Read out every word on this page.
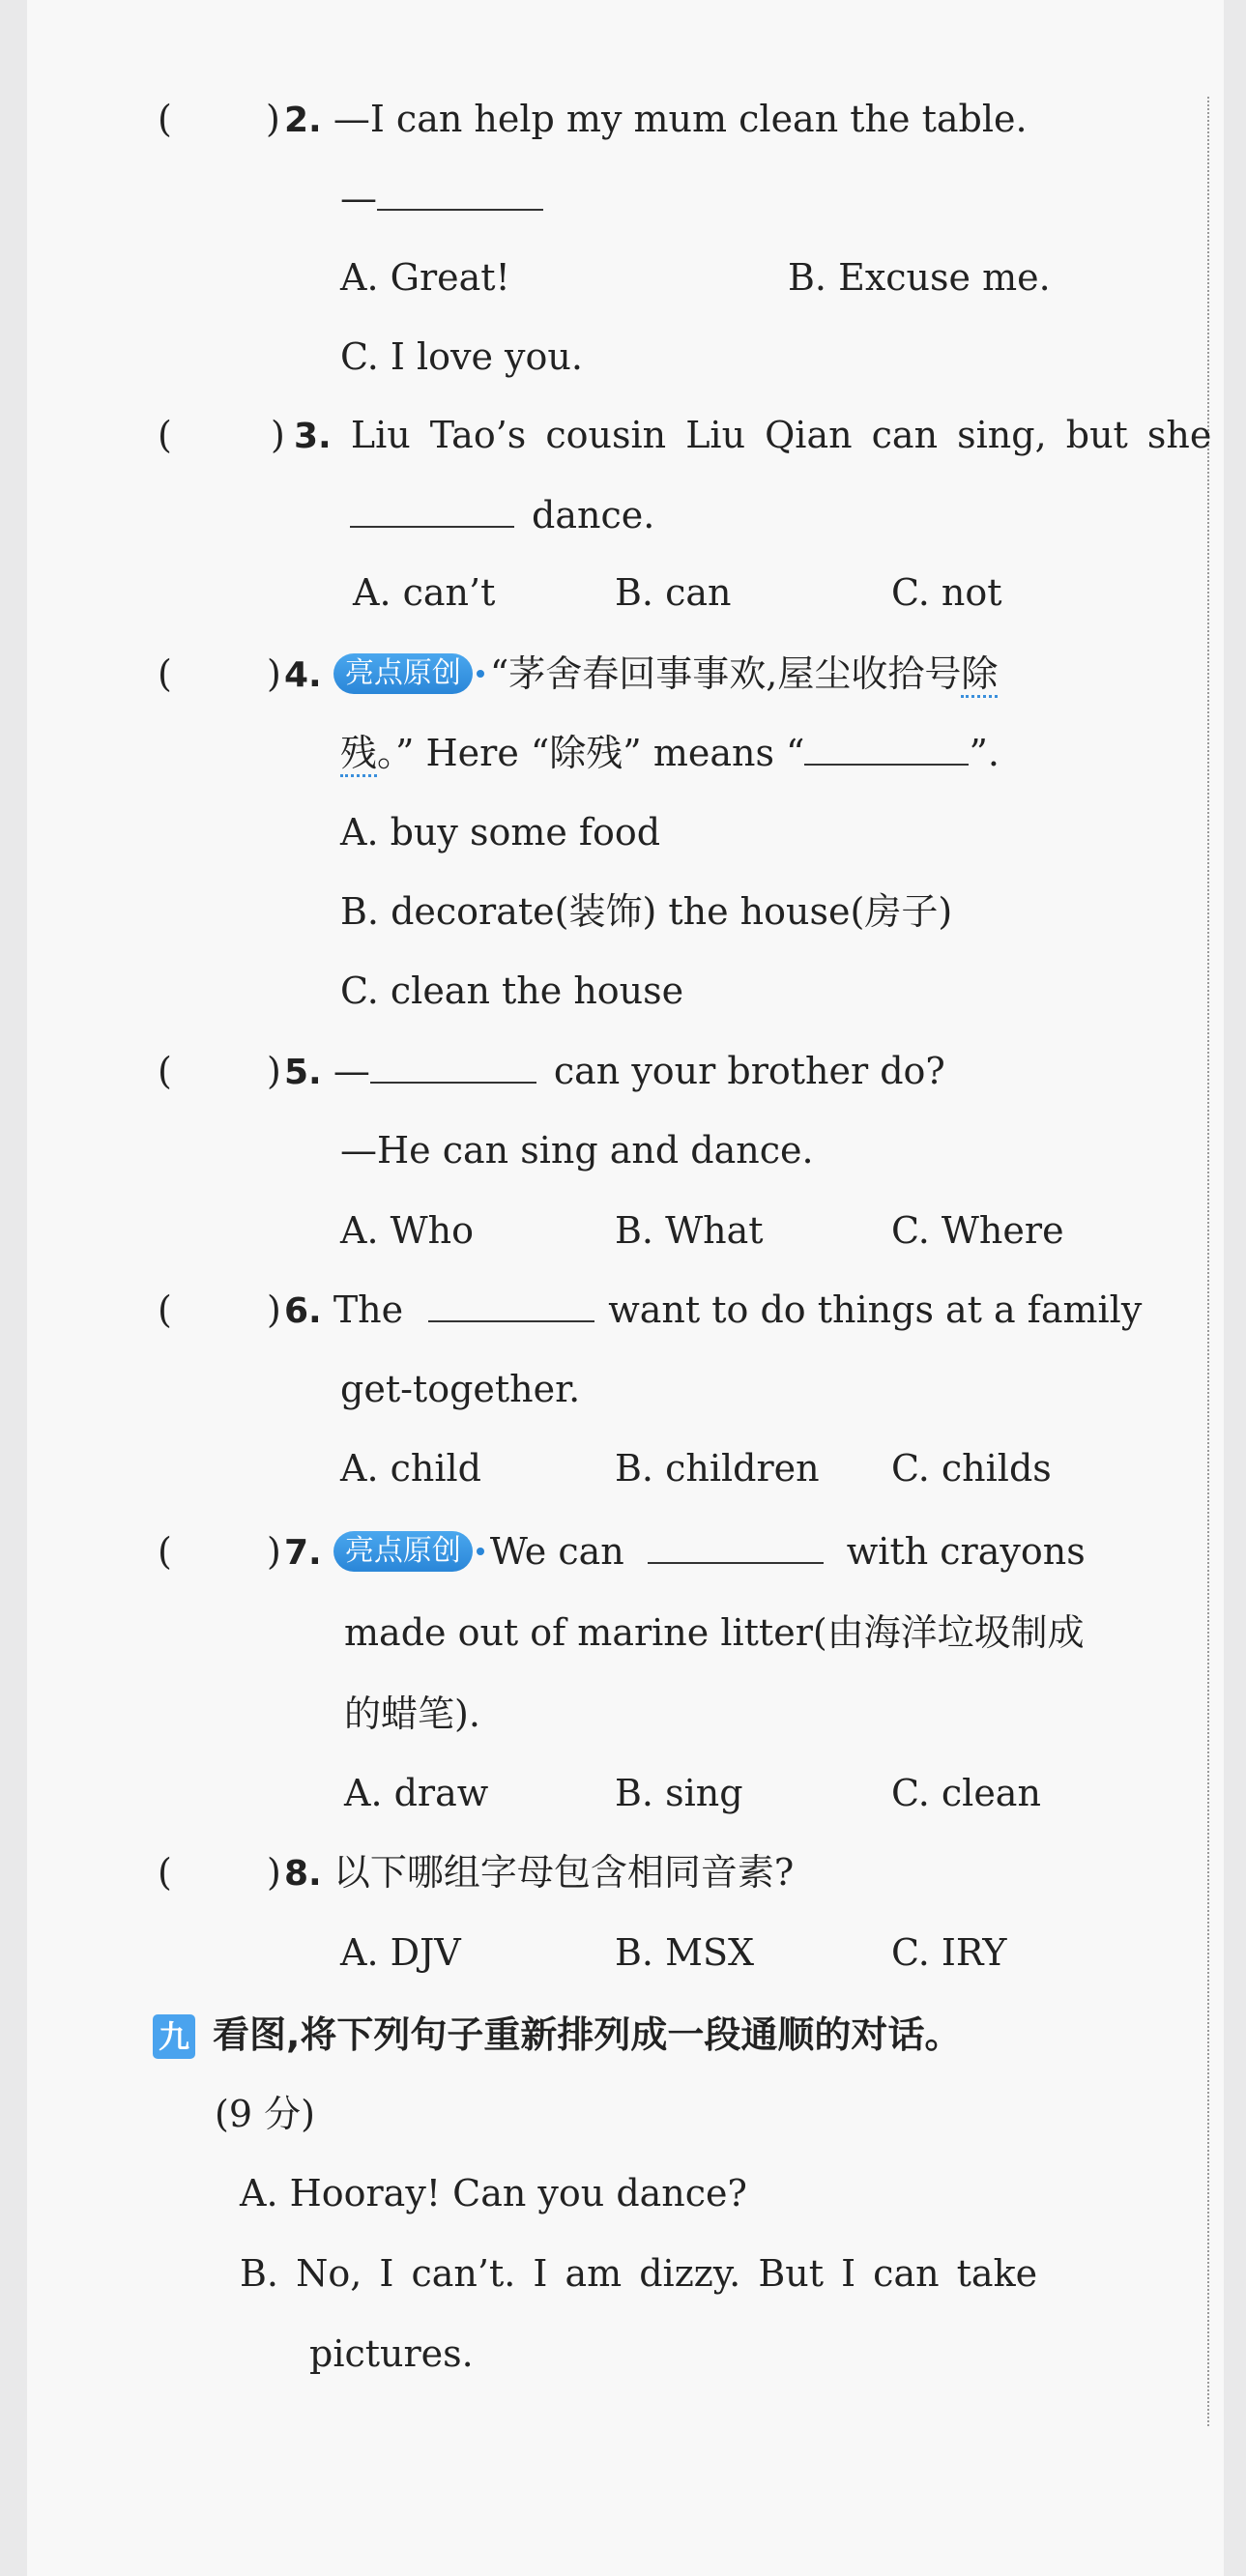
(	) 2. —I can help my mum clean the table.
—
A. Great!	B. Excuse me.
C. I love you.
(	) 3. Liu Tao’s cousin Liu Qian can sing, but she
dance.
A. can’t	B. can	C. not
(	) 4. 亮点原创 “茅舍春回事事欢,屋尘收拾号除
残。” Here “除残” means “	”.
A. buy some food
B. decorate(装饰) the house(房子)
C. clean the house
(	) 5. —	can your brother do?
—He can sing and dance.
A. Who	B. What	C. Where
(	) 6. The	want to do things at a family
get-together.
A. child	B. children C. childs
(	) 7. 亮点原创 We can	with crayons
made out of marine litter(由海洋垃圾制成
的蜡笔).
A. draw	B. sing	C. clean
(	) 8. 以下哪组字母包含相同音素?
A. DJV	B. MSX	C. IRY
九 看图,将下列句子重新排列成一段通顺的对话。
(9 分)
A. Hooray! Can you dance?
B. No, I can’t. I am dizzy. But I can take
pictures.
